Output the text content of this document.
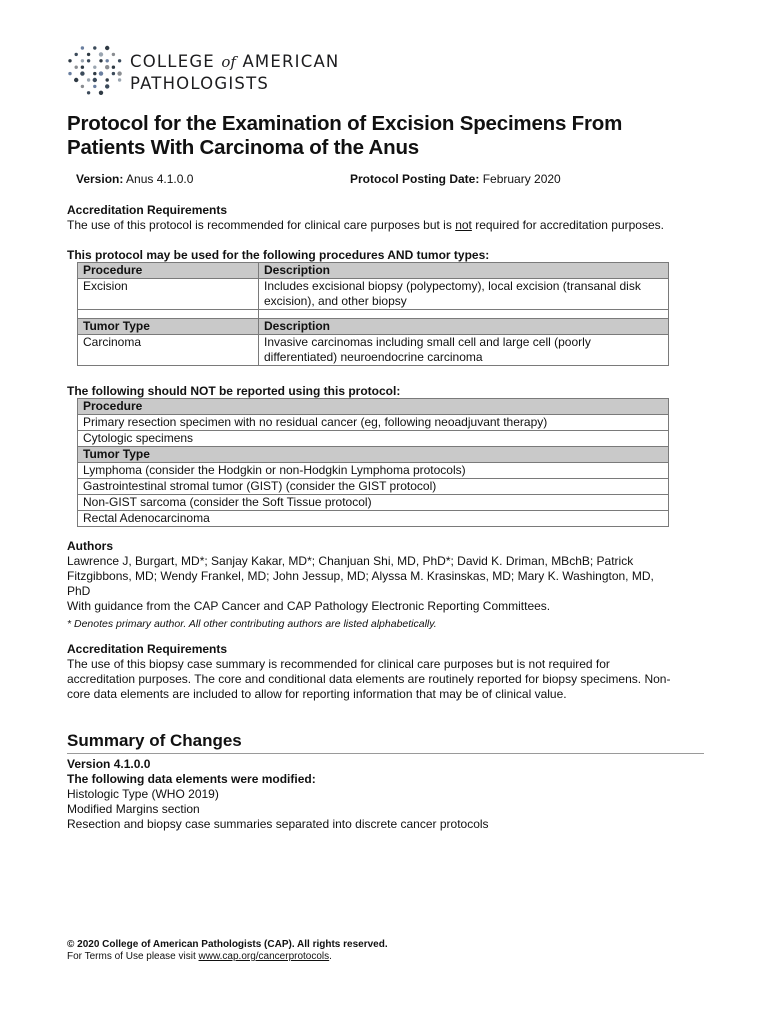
COLLEGE of AMERICAN
PATHOLOGISTS
Protocol for the Examination of Excision Specimens From Patients With Carcinoma of the Anus
Version: Anus 4.1.0.0	Protocol Posting Date: February 2020
Accreditation Requirements
The use of this protocol is recommended for clinical care purposes but is not required for accreditation purposes.
This protocol may be used for the following procedures AND tumor types:
Procedure	Description
Excision	Includes excisional biopsy (polypectomy), local excision (transanal disk excision), and other biopsy

Tumor Type	Description
Carcinoma	Invasive carcinomas including small cell and large cell (poorly differentiated) neuroendocrine carcinoma
The following should NOT be reported using this protocol:
Procedure
Primary resection specimen with no residual cancer (eg, following neoadjuvant therapy)
Cytologic specimens
Tumor Type
Lymphoma (consider the Hodgkin or non-Hodgkin Lymphoma protocols)
Gastrointestinal stromal tumor (GIST) (consider the GIST protocol)
Non-GIST sarcoma (consider the Soft Tissue protocol)
Rectal Adenocarcinoma
Authors
Lawrence J, Burgart, MD*; Sanjay Kakar, MD*; Chanjuan Shi, MD, PhD*; David K. Driman, MBchB; Patrick
Fitzgibbons, MD; Wendy Frankel, MD; John Jessup, MD; Alyssa M. Krasinskas, MD; Mary K. Washington, MD,
PhD
With guidance from the CAP Cancer and CAP Pathology Electronic Reporting Committees.
* Denotes primary author. All other contributing authors are listed alphabetically.
Accreditation Requirements
The use of this biopsy case summary is recommended for clinical care purposes but is not required for
accreditation purposes. The core and conditional data elements are routinely reported for biopsy specimens. Non-
core data elements are included to allow for reporting information that may be of clinical value.
Summary of Changes
Version 4.1.0.0
The following data elements were modified:
Histologic Type (WHO 2019)
Modified Margins section
Resection and biopsy case summaries separated into discrete cancer protocols
© 2020 College of American Pathologists (CAP). All rights reserved.
For Terms of Use please visit www.cap.org/cancerprotocols.
